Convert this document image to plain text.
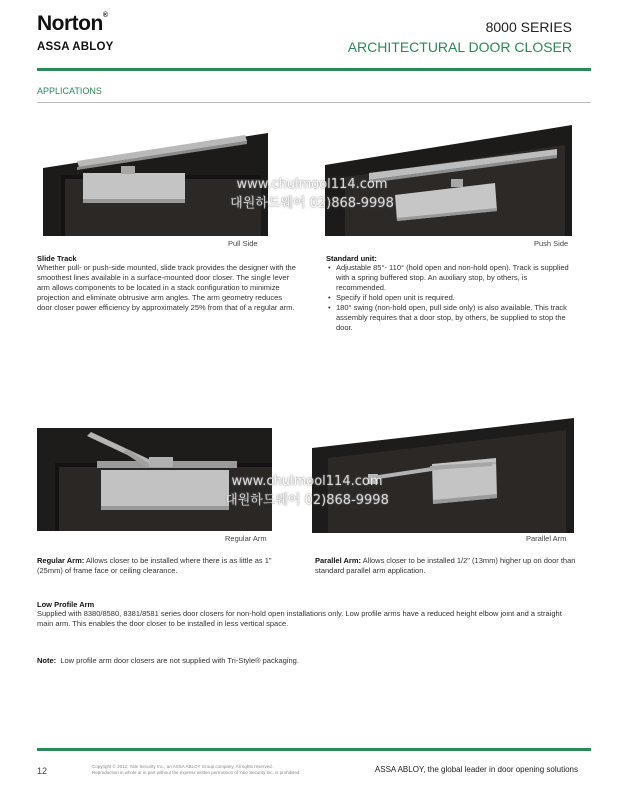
Norton®
ASSA ABLOY
8000 SERIES
ARCHITECTURAL DOOR CLOSER
APPLICATIONS
Pull Side	Push Side
www.chulmool114.com
대원하드웨어 02)868-9998
Slide Track
Whether pull- or push-side mounted, slide track provides the designer with the smoothest lines available in a surface-mounted door closer. The single lever arm allows components to be located in a stack configuration to minimize projection and eliminate obtrusive arm angles. The arm geometry reduces door closer power efficiency by approximately 25% from that of a regular arm.
Standard unit:
• Adjustable 85°- 110° (hold open and non-hold open). Track is supplied with a spring buffered stop. An auxiliary stop, by others, is recommended.
• Specify if hold open unit is required.
• 180° swing (non-hold open, pull side only) is also available. This track assembly requires that a door stop, by others, be supplied to stop the door.
Regular Arm	Parallel Arm
www.chulmool114.com
대원하드웨어 02)868-9998
Regular Arm: Allows closer to be installed where there is as little as 1" (25mm) of frame face or ceiling clearance.
Parallel Arm: Allows closer to be installed 1/2" (13mm) higher up on door than standard parallel arm application.
Low Profile Arm
Supplied with 8380/8580, 8381/8581 series door closers for non-hold open installations only. Low profile arms have a reduced height elbow joint and a straight main arm. This enables the door closer to be installed in less vertical space.
Note: Low profile arm door closers are not supplied with Tri-Style® packaging.
12	Copyright © 2012, Yale Security Inc., an ASSA ABLOY Group company. All rights reserved.
Reproduction in whole or in part without the express written permission of Yale Security Inc. is prohibited.	ASSA ABLOY, the global leader in door opening solutions
